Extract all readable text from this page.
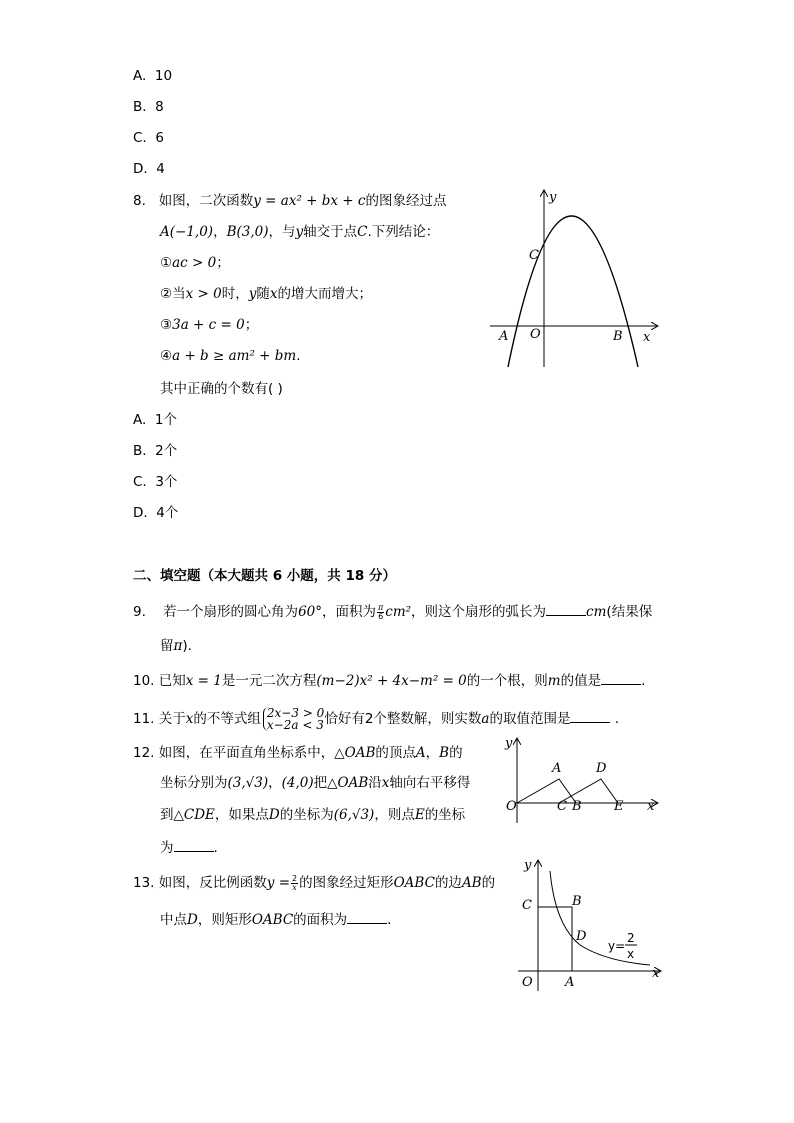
A. 10
B. 8
C. 6
D. 4
8. 如图，二次函数y = ax² + bx + c的图象经过点
A(−1,0)，B(3,0)，与y轴交于点C.下列结论：
①ac > 0；
②当x > 0时，y随x的增大而增大；
③3a + c = 0；
④a + b ≥ am² + bm.
其中正确的个数有( )
A. 1个
B. 2个
C. 3个
D. 4个
y
x
A O	B
C
二、填空题（本大题共 6 小题，共 18 分）
9. 若一个扇形的圆心角为60°，面积为 $\frac{\pi}{6} cm^2$，则这个扇形的弧长为	cm(结果保
留π).
10. 已知x = 1是一元二次方程(m−2)x² + 4x−m² = 0的一个根，则m的值是	.
11. 关于x的不等式组 2x−3 > 0
x−2a < 3 恰好有2个整数解，则实数a的取值范围是	.
12. 如图，在平面直角坐标系中，△OAB的顶点A，B的
坐标分别为(3,√3)，(4,0)把△OAB沿x轴向右平移得
到△CDE，如果点D的坐标为(6,√3)，则点E的坐标
为	.
y
x
O
A	D
C B E
13. 如图，反比例函数$y = \frac{2}{x}$ 的图象经过矩形OABC的边AB的
中点D，则矩形OABC的面积为	.
y
x
O A
B
C
D
y=
2
x
